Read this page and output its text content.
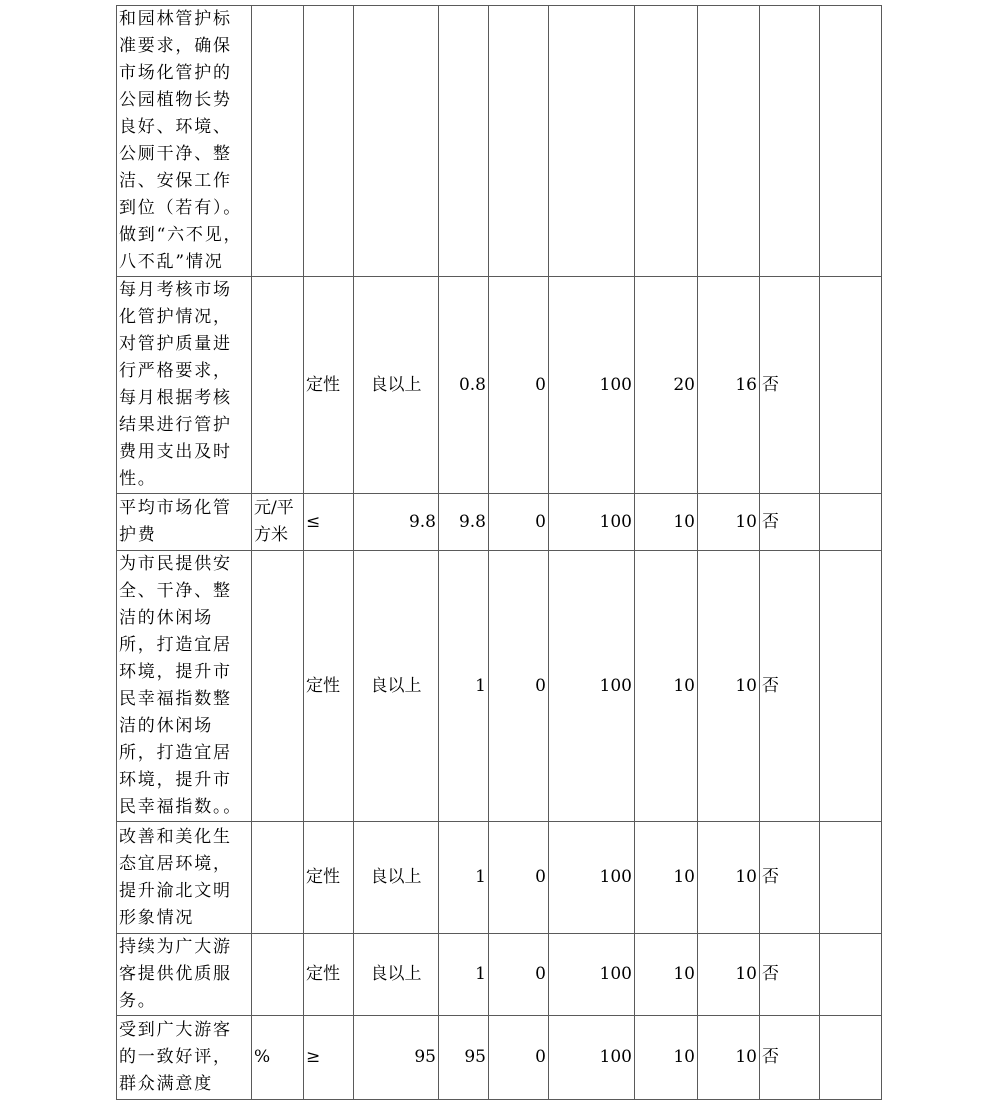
和园林管护标准要求，确保市场化管护的公园植物长势良好、环境、公厕干净、整洁、安保工作到位（若有）。做到“六不见，八不乱”情况										
每月考核市场化管护情况，对管护质量进行严格要求，每月根据考核结果进行管护费用支出及时性。		定性	良以上	0.8	0	100	20	16	否	
平均市场化管护费	元/平方米	≤	9.8	9.8	0	100	10	10	否	
为市民提供安全、干净、整洁的休闲场所，打造宜居环境，提升市民幸福指数整洁的休闲场所，打造宜居环境，提升市民幸福指数。。		定性	良以上	1	0	100	10	10	否	
改善和美化生态宜居环境，提升渝北文明形象情况		定性	良以上	1	0	100	10	10	否	
持续为广大游客提供优质服务。		定性	良以上	1	0	100	10	10	否	
受到广大游客的一致好评，群众满意度	%	≥	95	95	0	100	10	10	否	
